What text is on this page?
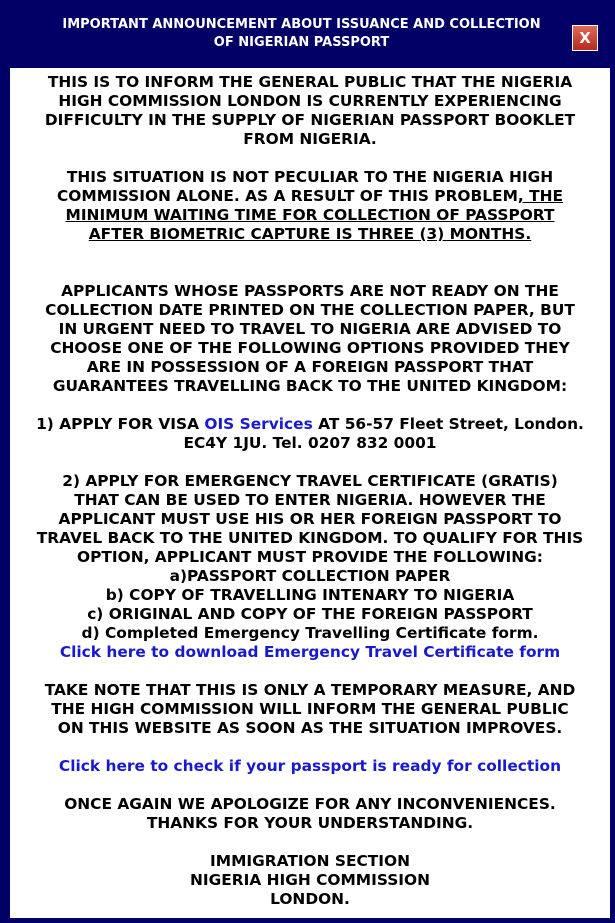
IMPORTANT ANNOUNCEMENT ABOUT ISSUANCE AND COLLECTION
OF NIGERIAN PASSPORT	X
THIS IS TO INFORM THE GENERAL PUBLIC THAT THE NIGERIA
HIGH COMMISSION LONDON IS CURRENTLY EXPERIENCING
DIFFICULTY IN THE SUPPLY OF NIGERIAN PASSPORT BOOKLET
FROM NIGERIA.
THIS SITUATION IS NOT PECULIAR TO THE NIGERIA HIGH
COMMISSION ALONE. AS A RESULT OF THIS PROBLEM, THE
MINIMUM WAITING TIME FOR COLLECTION OF PASSPORT
AFTER BIOMETRIC CAPTURE IS THREE (3) MONTHS.
APPLICANTS WHOSE PASSPORTS ARE NOT READY ON THE
COLLECTION DATE PRINTED ON THE COLLECTION PAPER, BUT
IN URGENT NEED TO TRAVEL TO NIGERIA ARE ADVISED TO
CHOOSE ONE OF THE FOLLOWING OPTIONS PROVIDED THEY
ARE IN POSSESSION OF A FOREIGN PASSPORT THAT
GUARANTEES TRAVELLING BACK TO THE UNITED KINGDOM:
1) APPLY FOR VISA OIS Services AT 56-57 Fleet Street, London.
EC4Y 1JU. Tel. 0207 832 0001
2) APPLY FOR EMERGENCY TRAVEL CERTIFICATE (GRATIS)
THAT CAN BE USED TO ENTER NIGERIA. HOWEVER THE
APPLICANT MUST USE HIS OR HER FOREIGN PASSPORT TO
TRAVEL BACK TO THE UNITED KINGDOM. TO QUALIFY FOR THIS
OPTION, APPLICANT MUST PROVIDE THE FOLLOWING:
a)PASSPORT COLLECTION PAPER
b) COPY OF TRAVELLING INTENARY TO NIGERIA
c) ORIGINAL AND COPY OF THE FOREIGN PASSPORT
d) Completed Emergency Travelling Certificate form.
Click here to download Emergency Travel Certificate form
TAKE NOTE THAT THIS IS ONLY A TEMPORARY MEASURE, AND
THE HIGH COMMISSION WILL INFORM THE GENERAL PUBLIC
ON THIS WEBSITE AS SOON AS THE SITUATION IMPROVES.
Click here to check if your passport is ready for collection
ONCE AGAIN WE APOLOGIZE FOR ANY INCONVENIENCES.
THANKS FOR YOUR UNDERSTANDING.
IMMIGRATION SECTION
NIGERIA HIGH COMMISSION
LONDON.
